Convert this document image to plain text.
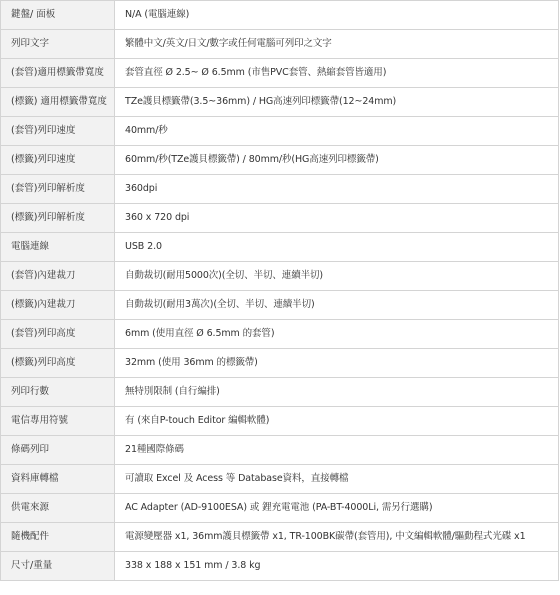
鍵盤/ 面板	N/A (電腦連線)
列印文字	繁體中文/英文/日文/數字或任何電腦可列印之文字
(套管)適用標籤帶寬度	套管直徑 Ø 2.5~ Ø 6.5mm (市售PVC套管、熱縮套管皆適用)
(標籤) 適用標籤帶寬度	TZe護貝標籤帶(3.5~36mm) / HG高速列印標籤帶(12~24mm)
(套管)列印速度	40mm/秒
(標籤)列印速度	60mm/秒(TZe護貝標籤帶) / 80mm/秒(HG高速列印標籤帶)
(套管)列印解析度	360dpi
(標籤)列印解析度	360 x 720 dpi
電腦連線	USB 2.0
(套管)內建裁刀	自動裁切(耐用5000次)(全切、半切、連續半切)
(標籤)內建裁刀	自動裁切(耐用3萬次)(全切、半切、連續半切)
(套管)列印高度	6mm (使用直徑 Ø 6.5mm 的套管)
(標籤)列印高度	32mm (使用 36mm 的標籤帶)
列印行數	無特別限制 (自行編排)
電信專用符號	有 (來自P-touch Editor 編輯軟體)
條碼列印	21種國際條碼
資料庫轉檔	可讀取 Excel 及 Acess 等 Database資料，直接轉檔
供電來源	AC Adapter (AD-9100ESA) 或 鋰充電電池 (PA-BT-4000Li, 需另行選購)
隨機配件	電源變壓器 x1, 36mm護貝標籤帶 x1, TR-100BK碳帶(套管用), 中文編輯軟體/驅動程式光碟 x1
尺寸/重量	338 x 188 x 151 mm / 3.8 kg
